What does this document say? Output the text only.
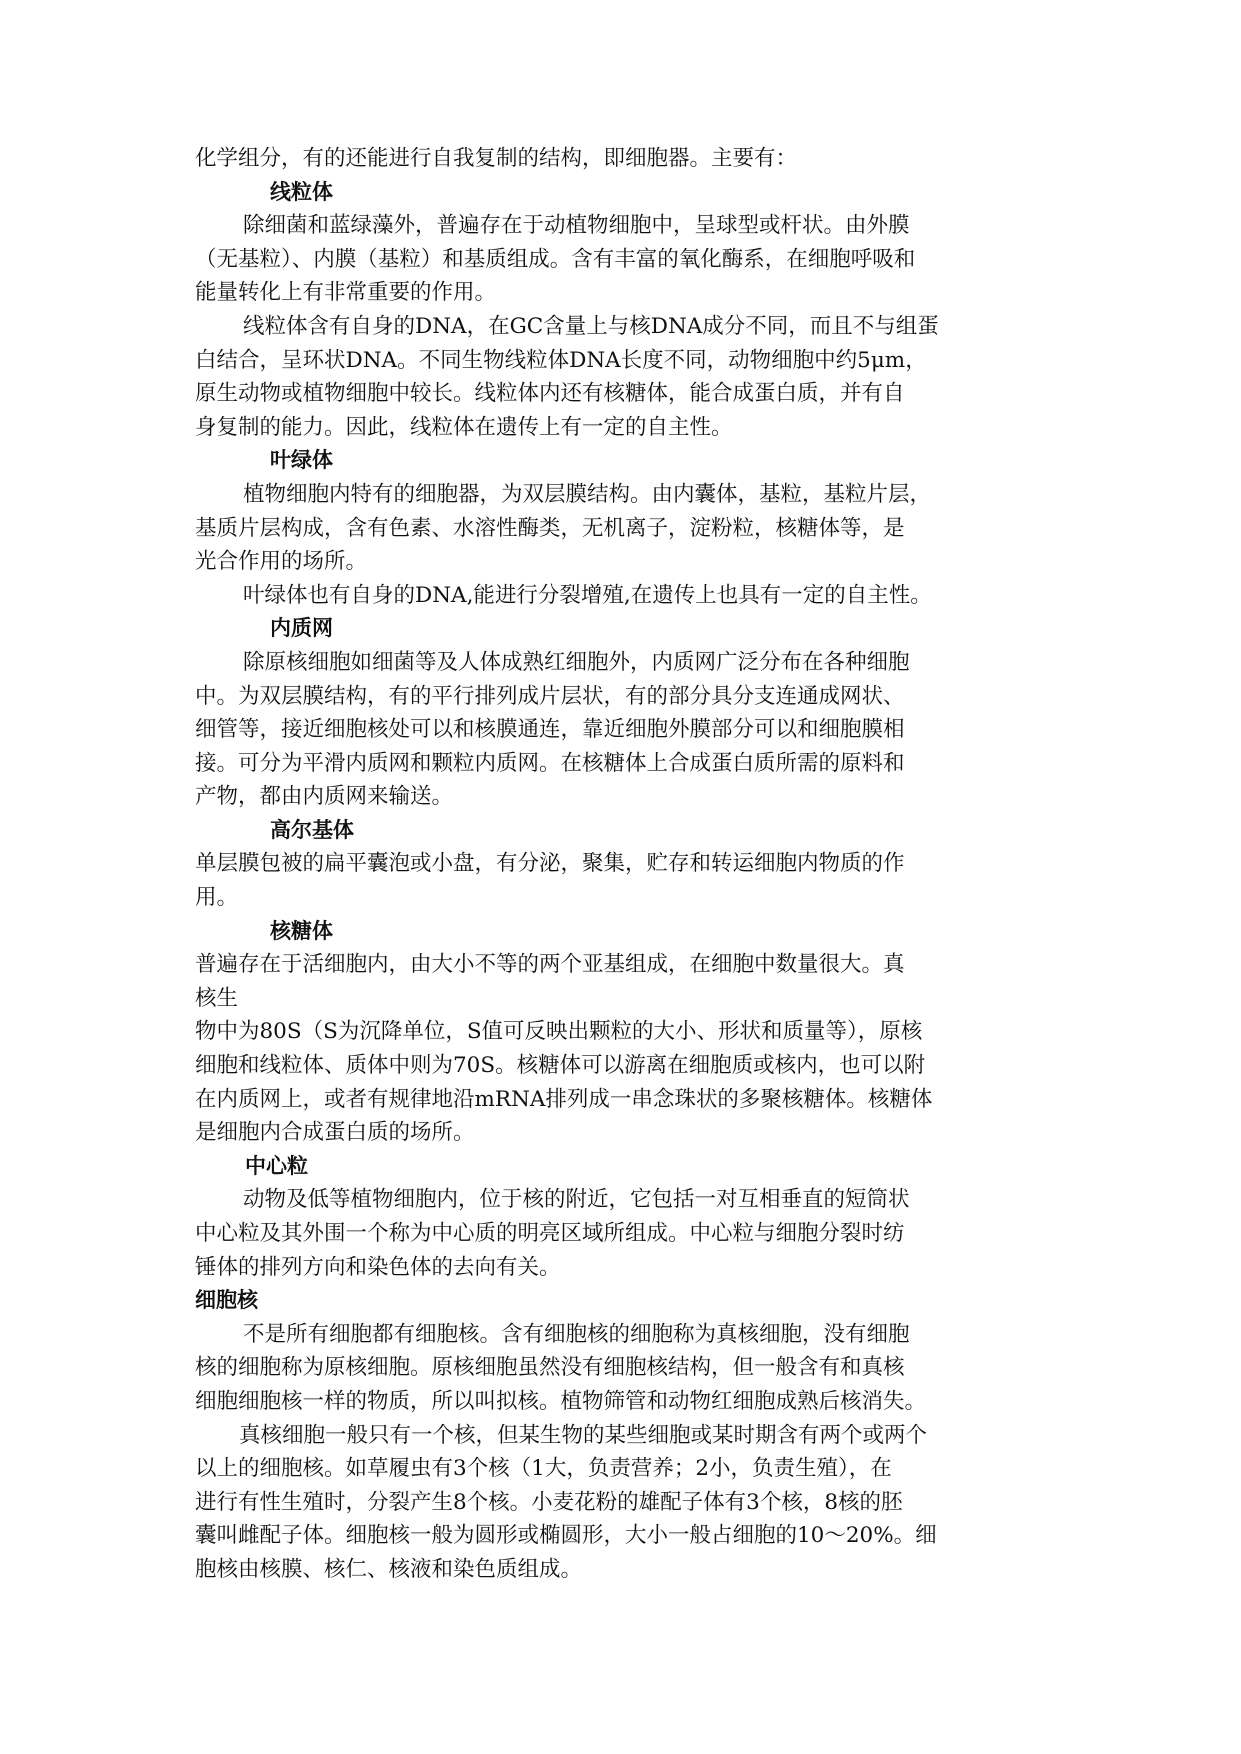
化学组分，有的还能进行自我复制的结构，即细胞器。主要有：
线粒体
除细菌和蓝绿藻外，普遍存在于动植物细胞中，呈球型或杆状。由外膜
（无基粒）、内膜（基粒）和基质组成。含有丰富的氧化酶系，在细胞呼吸和
能量转化上有非常重要的作用。
线粒体含有自身的DNA，在GC含量上与核DNA成分不同，而且不与组蛋
白结合，呈环状DNA。不同生物线粒体DNA长度不同，动物细胞中约5μm，
原生动物或植物细胞中较长。线粒体内还有核糖体，能合成蛋白质，并有自
身复制的能力。因此，线粒体在遗传上有一定的自主性。
叶绿体
植物细胞内特有的细胞器，为双层膜结构。由内囊体，基粒，基粒片层，
基质片层构成，含有色素、水溶性酶类，无机离子，淀粉粒，核糖体等，是
光合作用的场所。
叶绿体也有自身的DNA,能进行分裂增殖,在遗传上也具有一定的自主性。
内质网
除原核细胞如细菌等及人体成熟红细胞外，内质网广泛分布在各种细胞
中。为双层膜结构，有的平行排列成片层状，有的部分具分支连通成网状、
细管等，接近细胞核处可以和核膜通连，靠近细胞外膜部分可以和细胞膜相
接。可分为平滑内质网和颗粒内质网。在核糖体上合成蛋白质所需的原料和
产物，都由内质网来输送。
高尔基体
单层膜包被的扁平囊泡或小盘，有分泌，聚集，贮存和转运细胞内物质的作
用。
核糖体
普遍存在于活细胞内，由大小不等的两个亚基组成，在细胞中数量很大。真
核生
物中为80S（S为沉降单位，S值可反映出颗粒的大小、形状和质量等），原核
细胞和线粒体、质体中则为70S。核糖体可以游离在细胞质或核内，也可以附
在内质网上，或者有规律地沿mRNA排列成一串念珠状的多聚核糖体。核糖体
是细胞内合成蛋白质的场所。
中心粒
动物及低等植物细胞内，位于核的附近，它包括一对互相垂直的短筒状
中心粒及其外围一个称为中心质的明亮区域所组成。中心粒与细胞分裂时纺
锤体的排列方向和染色体的去向有关。
细胞核
不是所有细胞都有细胞核。含有细胞核的细胞称为真核细胞，没有细胞
核的细胞称为原核细胞。原核细胞虽然没有细胞核结构，但一般含有和真核
细胞细胞核一样的物质，所以叫拟核。植物筛管和动物红细胞成熟后核消失。
真核细胞一般只有一个核，但某生物的某些细胞或某时期含有两个或两个
以上的细胞核。如草履虫有3个核（1大，负责营养；2小，负责生殖），在
进行有性生殖时，分裂产生8个核。小麦花粉的雄配子体有3个核，8核的胚
囊叫雌配子体。细胞核一般为圆形或椭圆形，大小一般占细胞的10～20%。细
胞核由核膜、核仁、核液和染色质组成。
